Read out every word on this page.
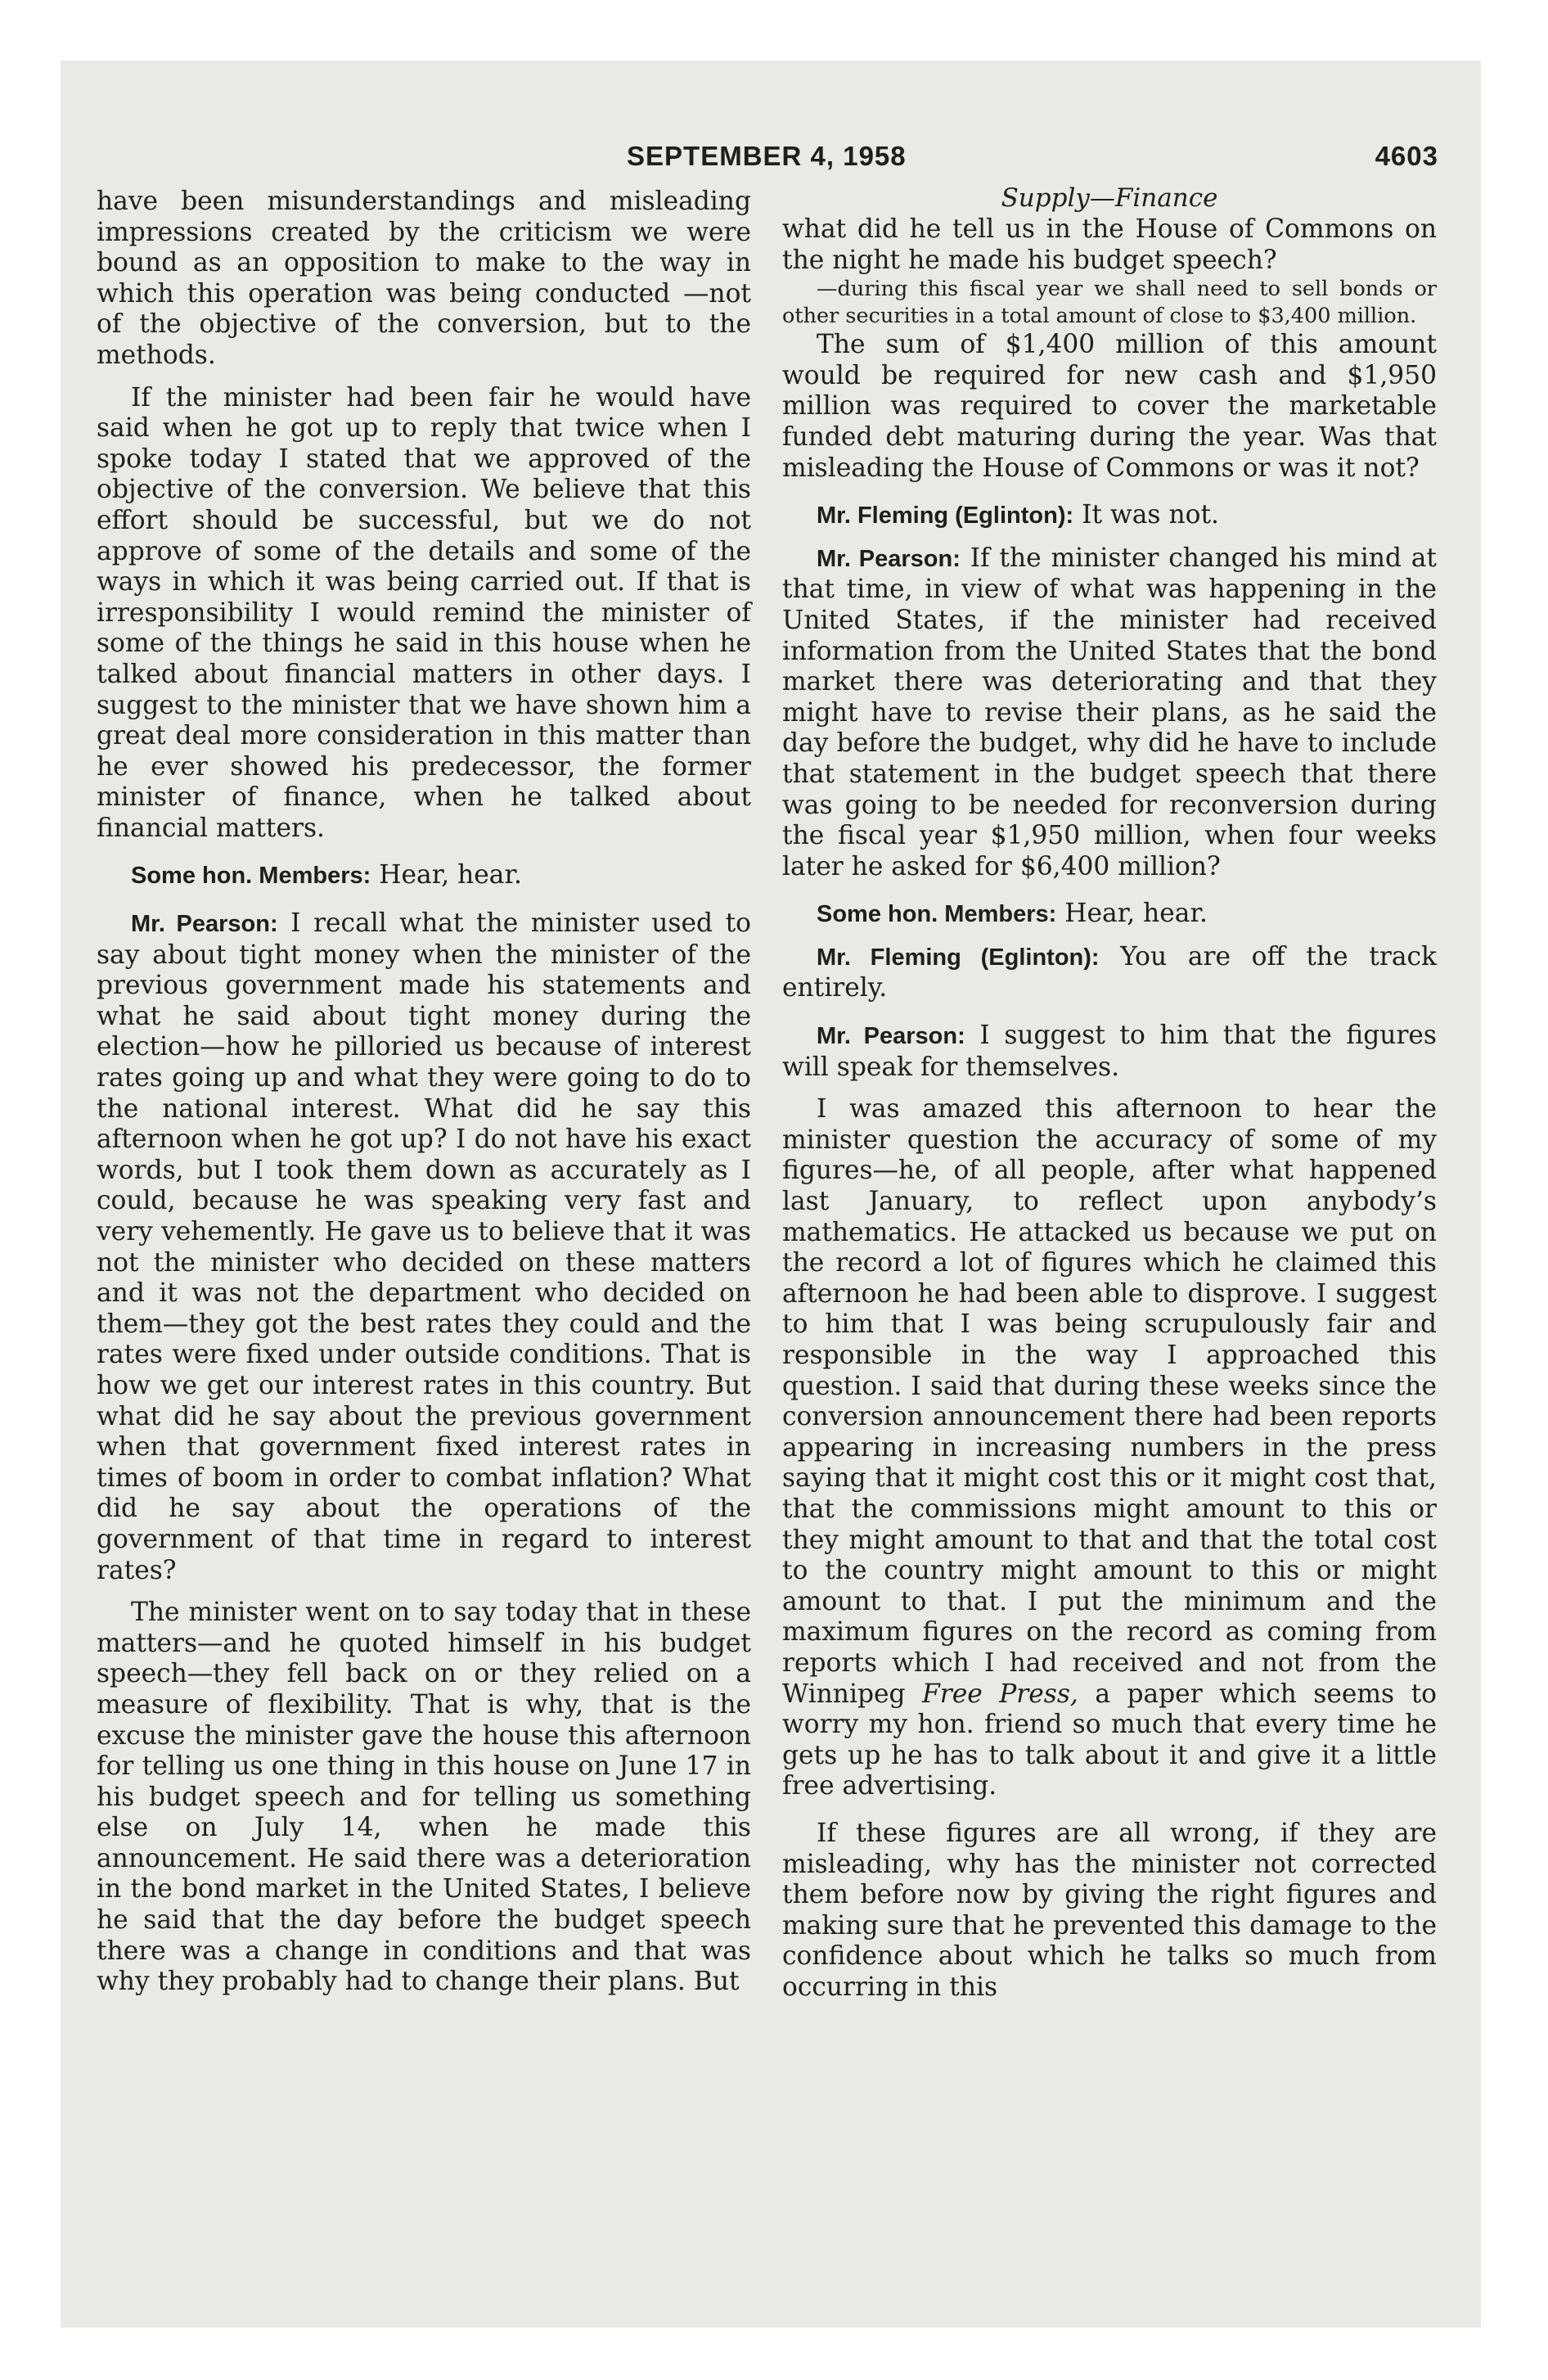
SEPTEMBER 4, 1958	4603

have been misunderstandings and misleading impressions created by the criticism we were bound as an opposition to make to the way in which this operation was being conducted —not of the objective of the conversion, but to the methods.

If the minister had been fair he would have said when he got up to reply that twice when I spoke today I stated that we approved of the objective of the conversion. We believe that this effort should be successful, but we do not approve of some of the details and some of the ways in which it was being carried out. If that is irresponsibility I would remind the minister of some of the things he said in this house when he talked about financial matters in other days. I suggest to the minister that we have shown him a great deal more consideration in this matter than he ever showed his predecessor, the former minister of finance, when he talked about financial matters.

Some hon. Members: Hear, hear.

Mr. Pearson: I recall what the minister used to say about tight money when the minister of the previous government made his statements and what he said about tight money during the election—how he pilloried us because of interest rates going up and what they were going to do to the national interest. What did he say this afternoon when he got up? I do not have his exact words, but I took them down as accurately as I could, because he was speaking very fast and very vehemently. He gave us to believe that it was not the minister who decided on these matters and it was not the department who decided on them—they got the best rates they could and the rates were fixed under outside conditions. That is how we get our interest rates in this country. But what did he say about the previous government when that government fixed interest rates in times of boom in order to combat inflation? What did he say about the operations of the government of that time in regard to interest rates?

The minister went on to say today that in these matters—and he quoted himself in his budget speech—they fell back on or they relied on a measure of flexibility. That is why, that is the excuse the minister gave the house this afternoon for telling us one thing in this house on June 17 in his budget speech and for telling us something else on July 14, when he made this announcement. He said there was a deterioration in the bond market in the United States, I believe he said that the day before the budget speech there was a change in conditions and that was why they probably had to change their plans. But

Supply—Finance

what did he tell us in the House of Commons on the night he made his budget speech?

—during this fiscal year we shall need to sell bonds or other securities in a total amount of close to $3,400 million.

The sum of $1,400 million of this amount would be required for new cash and $1,950 million was required to cover the marketable funded debt maturing during the year. Was that misleading the House of Commons or was it not?

Mr. Fleming (Eglinton): It was not.

Mr. Pearson: If the minister changed his mind at that time, in view of what was happening in the United States, if the minister had received information from the United States that the bond market there was deteriorating and that they might have to revise their plans, as he said the day before the budget, why did he have to include that statement in the budget speech that there was going to be needed for reconversion during the fiscal year $1,950 million, when four weeks later he asked for $6,400 million?

Some hon. Members: Hear, hear.

Mr. Fleming (Eglinton): You are off the track entirely.

Mr. Pearson: I suggest to him that the figures will speak for themselves.

I was amazed this afternoon to hear the minister question the accuracy of some of my figures—he, of all people, after what happened last January, to reflect upon anybody’s mathematics. He attacked us because we put on the record a lot of figures which he claimed this afternoon he had been able to disprove. I suggest to him that I was being scrupulously fair and responsible in the way I approached this question. I said that during these weeks since the conversion announcement there had been reports appearing in increasing numbers in the press saying that it might cost this or it might cost that, that the commissions might amount to this or they might amount to that and that the total cost to the country might amount to this or might amount to that. I put the minimum and the maximum figures on the record as coming from reports which I had received and not from the Winnipeg Free Press, a paper which seems to worry my hon. friend so much that every time he gets up he has to talk about it and give it a little free advertising.

If these figures are all wrong, if they are misleading, why has the minister not corrected them before now by giving the right figures and making sure that he prevented this damage to the confidence about which he talks so much from occurring in this
